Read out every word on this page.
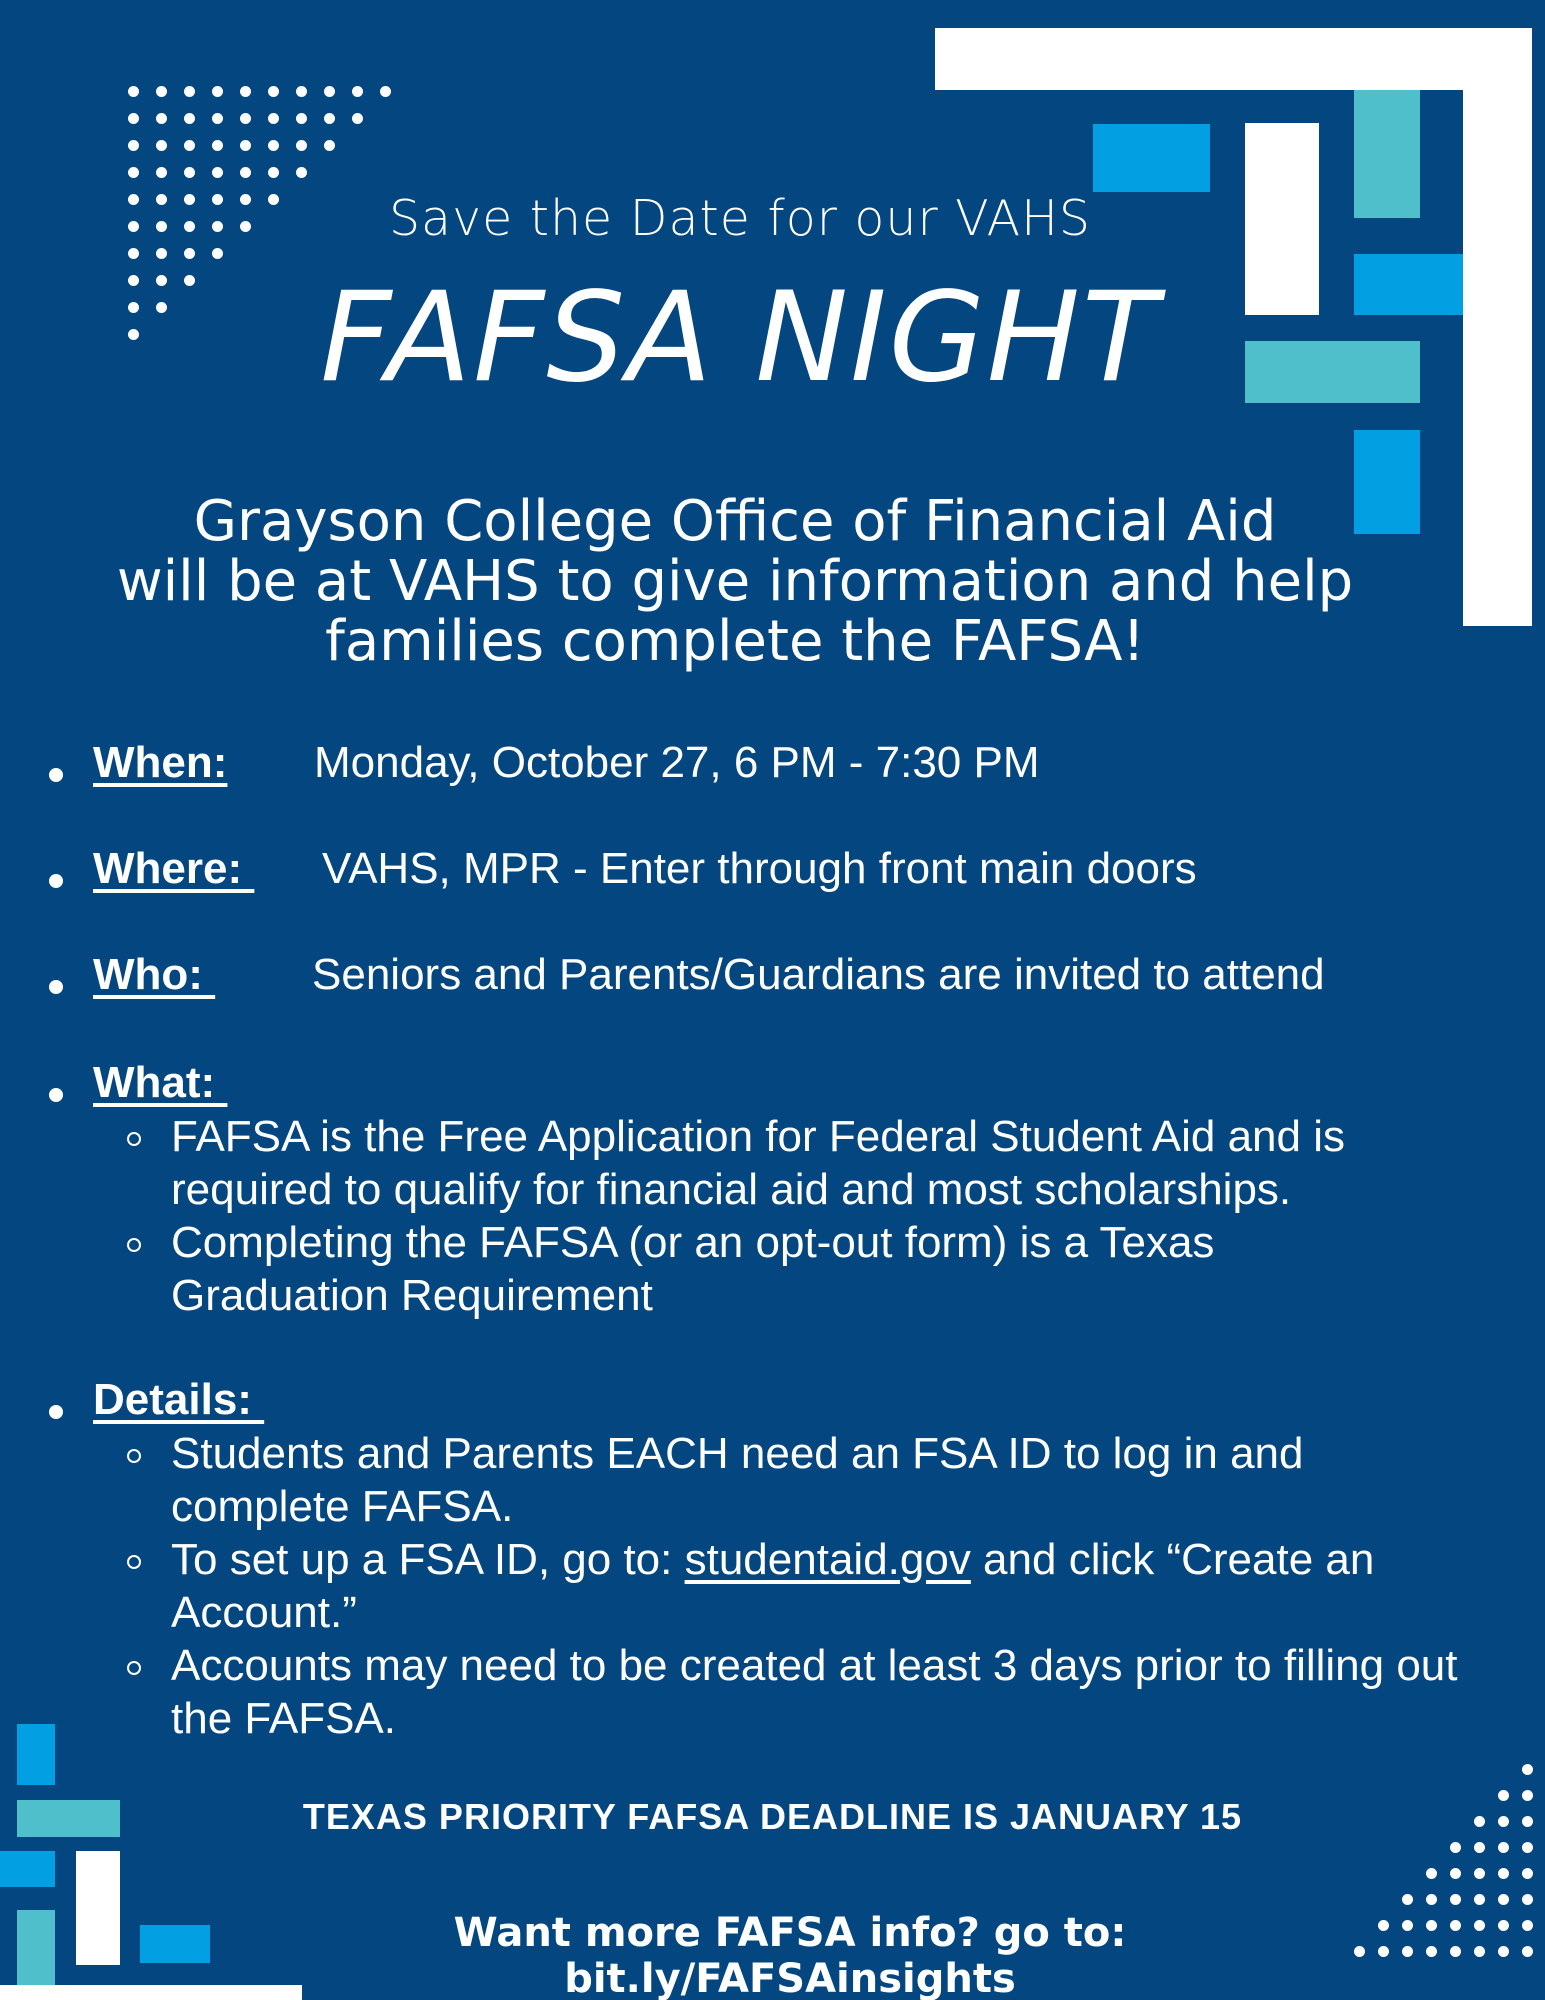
Save the Date for our VAHS
FAFSA NIGHT
Grayson College Office of Financial Aid
will be at VAHS to give information and help
families complete the FAFSA!
When: Monday, October 27, 6 PM - 7:30 PM
Where: VAHS, MPR - Enter through front main doors
Who: Seniors and Parents/Guardians are invited to attend
What:
FAFSA is the Free Application for Federal Student Aid and is required to qualify for financial aid and most scholarships.
Completing the FAFSA (or an opt-out form) is a Texas Graduation Requirement
Details:
Students and Parents EACH need an FSA ID to log in and complete FAFSA.
To set up a FSA ID, go to: studentaid.gov and click “Create an Account.”
Accounts may need to be created at least 3 days prior to filling out the FAFSA.
TEXAS PRIORITY FAFSA DEADLINE IS JANUARY 15
Want more FAFSA info? go to: bit.ly/FAFSAinsights
